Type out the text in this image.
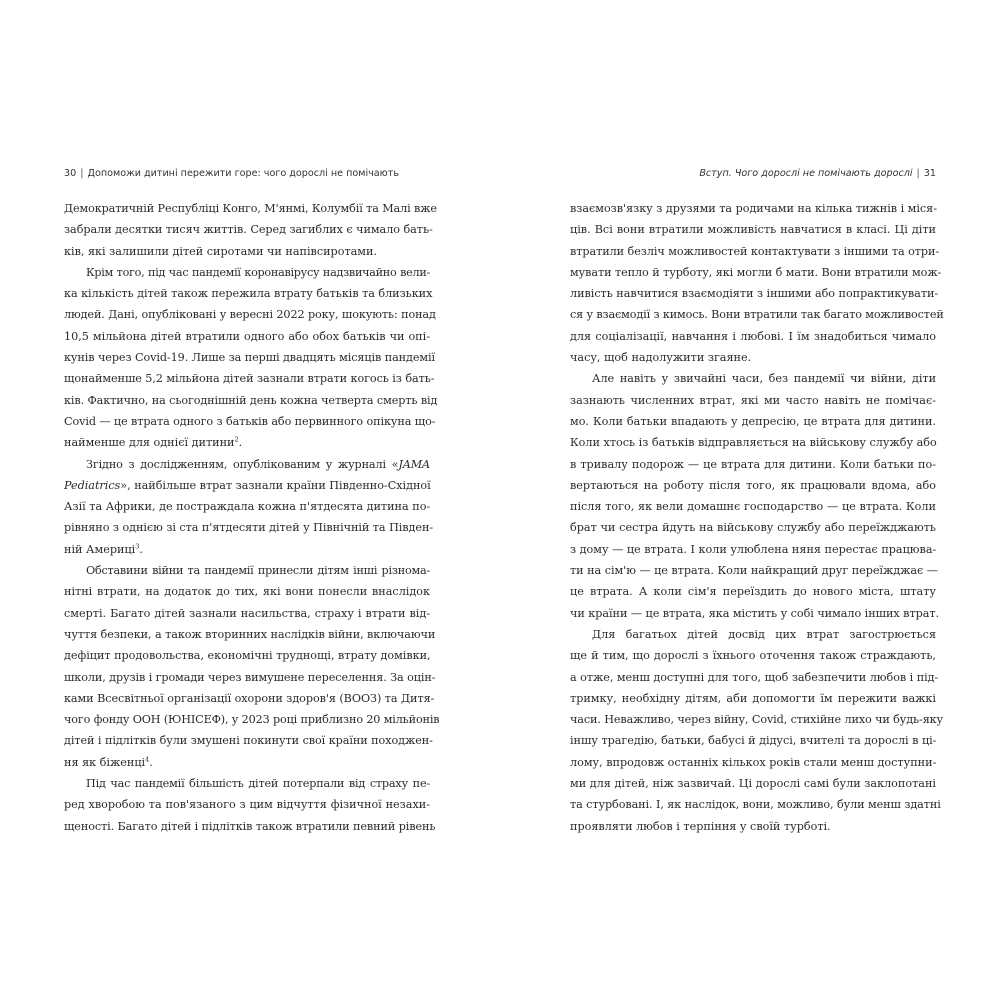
30 | Допоможи дитині пережити горе: чого дорослі не помічають
Демократичній Республіці Конго, М'янмі, Колумбії та Малі вже
забрали десятки тисяч життів. Серед загиблих є чимало бать-
ків, які залишили дітей сиротами чи напівсиротами.
Крім того, під час пандемії коронавірусу надзвичайно вели-
ка кількість дітей також пережила втрату батьків та близьких
людей. Дані, опубліковані у вересні 2022 року, шокують: понад
10,5 мільйона дітей втратили одного або обох батьків чи опі-
кунів через Covid-19. Лише за перші двадцять місяців пандемії
щонайменше 5,2 мільйона дітей зазнали втрати когось із бать-
ків. Фактично, на сьогоднішній день кожна четверта смерть від
Covid — це втрата одного з батьків або первинного опікуна що-
найменше для однієї дитини$^2$.
Згідно з дослідженням, опублікованим у журналі «JAMA
Pediatrics», найбільше втрат зазнали країни Південно-Східної
Азії та Африки, де постраждала кожна п'ятдесята дитина по-
рівняно з однією зі ста п'ятдесяти дітей у Північній та Півден-
ній Америці$^3$.
Обставини війни та пандемії принесли дітям інші різнома-
нітні втрати, на додаток до тих, які вони понесли внаслідок
смерті. Багато дітей зазнали насильства, страху і втрати від-
чуття безпеки, а також вторинних наслідків війни, включаючи
дефіцит продовольства, економічні труднощі, втрату домівки,
школи, друзів і громади через вимушене переселення. За оцін-
ками Всесвітньої організації охорони здоров'я (ВООЗ) та Дитя-
чого фонду ООН (ЮНІСЕФ), у 2023 році приблизно 20 мільйонів
дітей і підлітків були змушені покинути свої країни походжен-
ня як біженці$^4$.
Під час пандемії більшість дітей потерпали від страху пе-
ред хворобою та пов'язаного з цим відчуття фізичної незахи-
щеності. Багато дітей і підлітків також втратили певний рівень
Вступ. Чого дорослі не помічають дорослі | 31
взаємозв'язку з друзями та родичами на кілька тижнів і міся-
ців. Всі вони втратили можливість навчатися в класі. Ці діти
втратили безліч можливостей контактувати з іншими та отри-
мувати тепло й турботу, які могли б мати. Вони втратили мож-
ливість навчитися взаємодіяти з іншими або попрактикувати-
ся у взаємодії з кимось. Вони втратили так багато можливостей
для соціалізації, навчання і любові. І їм знадобиться чимало
часу, щоб надолужити згаяне.
Але навіть у звичайні часи, без пандемії чи війни, діти
зазнають численних втрат, які ми часто навіть не помічає-
мо. Коли батьки впадають у депресію, це втрата для дитини.
Коли хтось із батьків відправляється на військову службу або
в тривалу подорож — це втрата для дитини. Коли батьки по-
вертаються на роботу після того, як працювали вдома, або
після того, як вели домашнє господарство — це втрата. Коли
брат чи сестра йдуть на військову службу або переїжджають
з дому — це втрата. І коли улюблена няня перестає працюва-
ти на сім'ю — це втрата. Коли найкращий друг переїжджає —
це втрата. А коли сім'я переїздить до нового міста, штату
чи країни — це втрата, яка містить у собі чимало інших втрат.
Для багатьох дітей досвід цих втрат загострюється
ще й тим, що дорослі з їхнього оточення також страждають,
а отже, менш доступні для того, щоб забезпечити любов і під-
тримку, необхідну дітям, аби допомогти їм пережити важкі
часи. Неважливо, через війну, Covid, стихійне лихо чи будь-яку
іншу трагедію, батьки, бабусі й дідусі, вчителі та дорослі в ці-
лому, впродовж останніх кількох років стали менш доступни-
ми для дітей, ніж зазвичай. Ці дорослі самі були заклопотані
та стурбовані. І, як наслідок, вони, можливо, були менш здатні
проявляти любов і терпіння у своїй турботі.
